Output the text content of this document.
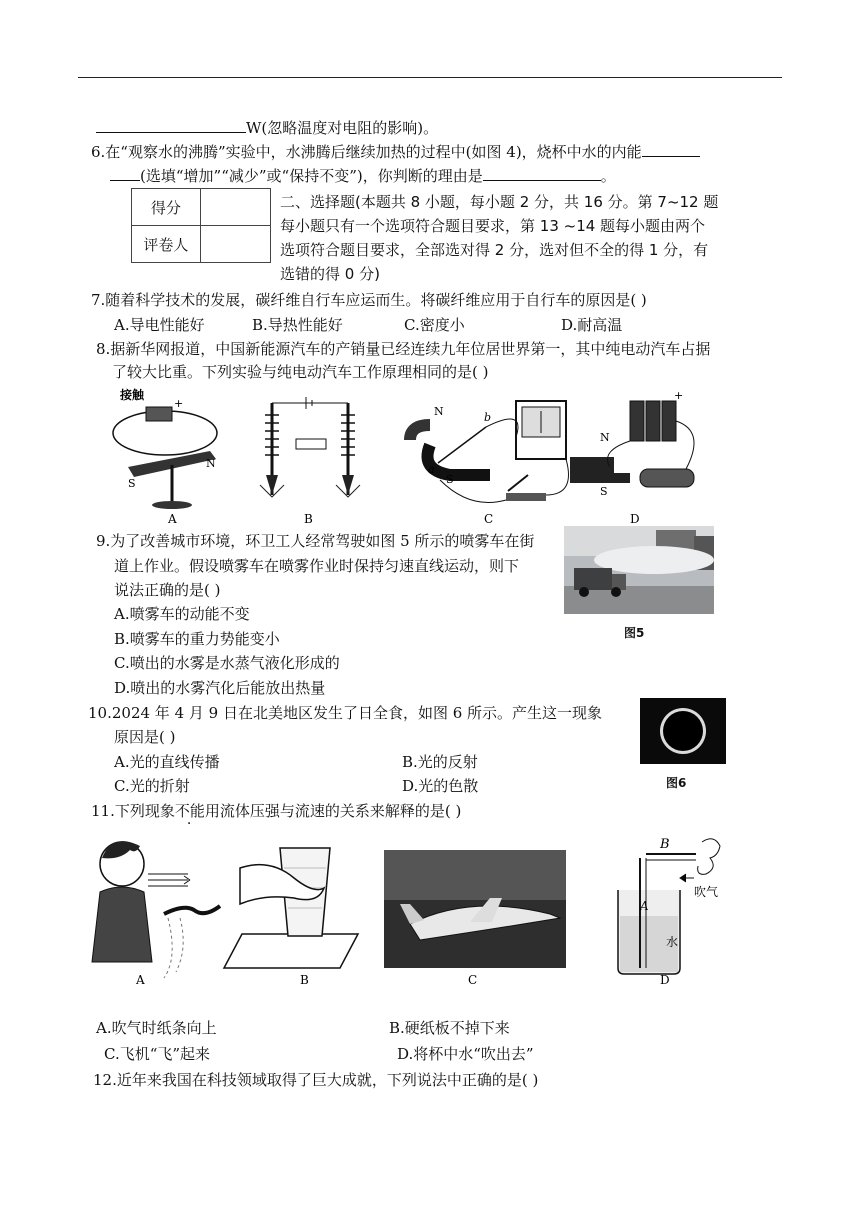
W(忽略温度对电阻的影响)。
6.在“观察水的沸腾”实验中，水沸腾后继续加热的过程中(如图 4)，烧杯中水的内能
(选填“增加”“减少”或“保持不变”)，你判断的理由是	。
得分	
评卷人	
二、选择题(本题共 8 小题，每小题 2 分，共 16 分。第 7~12 题
每小题只有一个选项符合题目要求，第 13 ~14 题每小题由两个
选项符合题目要求，全部选对得 2 分，选对但不全的得 1 分，有
选错的得 0 分)
7.随着科学技术的发展，碳纤维自行车应运而生。将碳纤维应用于自行车的原因是( )
A.导电性能好	B.导热性能好	C.密度小	D.耐高温
8.据新华网报道，中国新能源汽车的产销量已经连续九年位居世界第一，其中纯电动汽车占据
了较大比重。下列实验与纯电动汽车工作原理相同的是( )
接触
+
S
N
N
S
b
a
+
N
S
A	B	C	D
9.为了改善城市环境，环卫工人经常驾驶如图 5 所示的喷雾车在街
道上作业。假设喷雾车在喷雾作业时保持匀速直线运动，则下
说法正确的是( )
A.喷雾车的动能不变
B.喷雾车的重力势能变小
C.喷出的水雾是水蒸气液化形成的
D.喷出的水雾汽化后能放出热量
图5
10.2024 年 4 月 9 日在北美地区发生了日全食，如图 6 所示。产生这一现象
原因是( )
A.光的直线传播	B.光的反射
C.光的折射	D.光的色散	图6
11.下列现象不能用流体压强与流速的关系来解释的是( )
B
吹气
A
水
A	B	C	D
A.吹气时纸条向上	B.硬纸板不掉下来
C.飞机“飞”起来	D.将杯中水“吹出去”
12.近年来我国在科技领域取得了巨大成就，下列说法中正确的是( )
